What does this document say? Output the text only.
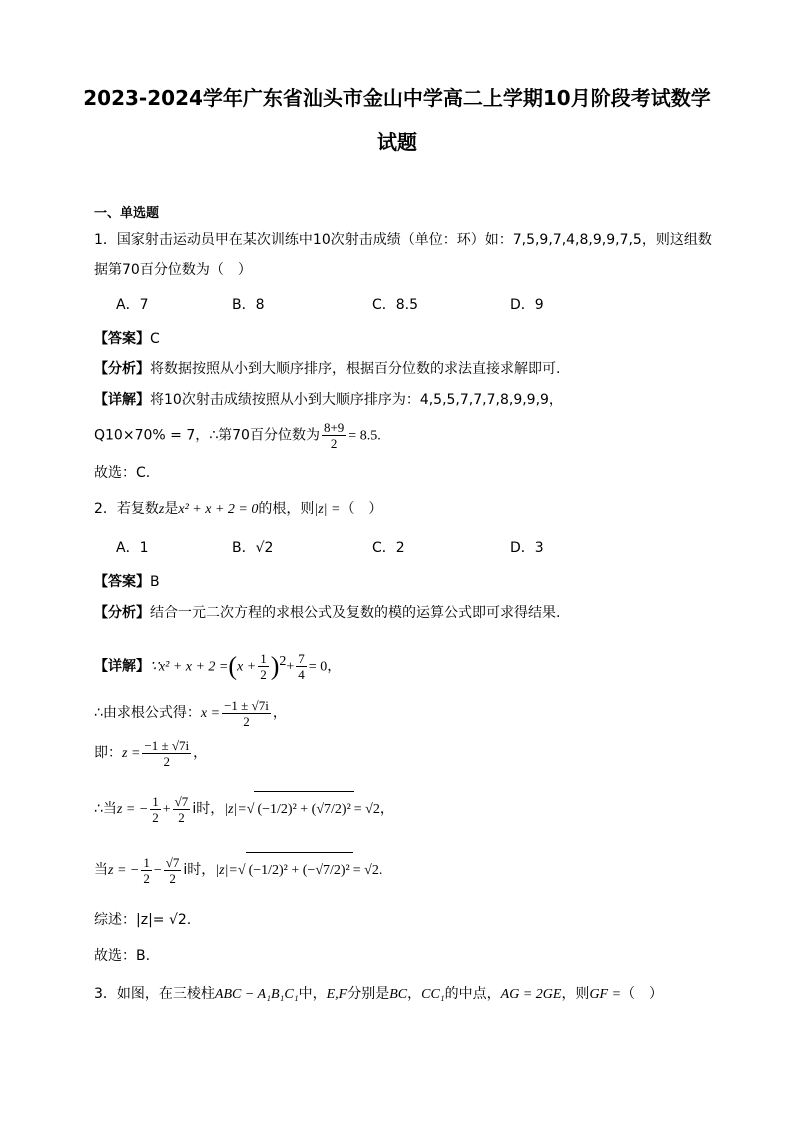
2023-2024学年广东省汕头市金山中学高二上学期10月阶段考试数学
试题
一、单选题
1．国家射击运动员甲在某次训练中10次射击成绩（单位：环）如：7,5,9,7,4,8,9,9,7,5，则这组数
据第70百分位数为（　）
A．7	B．8	C．8.5	D．9
【答案】C
【分析】将数据按照从小到大顺序排序，根据百分位数的求法直接求解即可.
【详解】将10次射击成绩按照从小到大顺序排序为：4,5,5,7,7,7,8,9,9,9，
Q10×70% = 7，∴第70百分位数为 $\frac{8+9}{2} = 8.5$.
故选：C.
2．若复数z是x² + x + 2 = 0的根，则|z| =（　）
A．1	B．√2	C．2	D．3
【答案】B
【分析】结合一元二次方程的求根公式及复数的模的运算公式即可求得结果.
【详解】∵x² + $x + 2 =(x + \frac{1}{2} )^2+ \frac{7}{4} = 0$，
∴由求根公式得：$x = \frac{-1 \pm √7i}{2}$ ，
即：$z = \frac{-1 \pm √7i}{2}$ ，
∴当z = − $\frac{1}{2} + \frac{√7}{2}$ i时，|z|=√ (−1/2)² + (√7/2)² = √2，
当z = − $\frac{1}{2} - \frac{√7}{2}$ i时，|z|=√ (−1/2)² + (−√7/2)² = √2.
综述：|z|= √2.
故选：B.
3．如图，在三棱柱ABC − A₁B₁C₁中，E,F分别是BC，CC₁的中点，AG = 2GE，则GF =（　）
